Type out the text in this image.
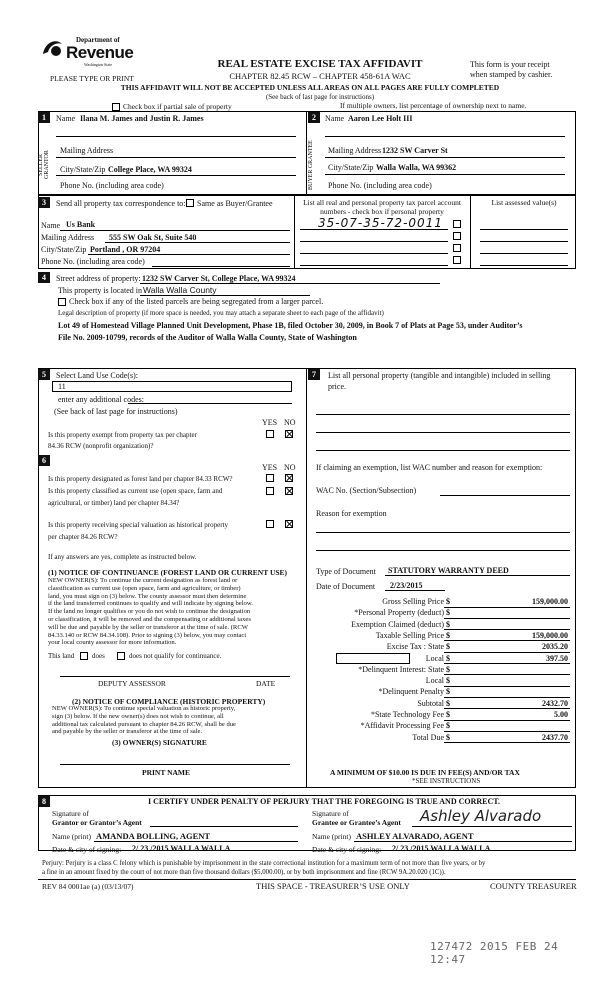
Department of
Revenue
Washington State
PLEASE TYPE OR PRINT
REAL ESTATE EXCISE TAX AFFIDAVIT
CHAPTER 82.45 RCW – CHAPTER 458-61A WAC
This form is your receipt
when stamped by cashier.
THIS AFFIDAVIT WILL NOT BE ACCEPTED UNLESS ALL AREAS ON ALL PAGES ARE FULLY COMPLETED
(See back of last page for instructions)
Check box if partial sale of property	If multiple owners, list percentage of ownership next to name.
1	Name Ilana M. James and Justin R. James
SELLER GRANTOR
Mailing Address
City/State/Zip College Place, WA 99324
Phone No. (including area code)
2	Name Aaron Lee Holt III
BUYER GRANTEE	Mailing Address 1232 SW Carver St
City/State/Zip Walla Walla, WA 99362
Phone No. (including area code)
3	Send all property tax correspondence to: Same as Buyer/Grantee
Name Us Bank
Mailing Address 555 SW Oak St, Suite 540
City/State/Zip Portland , OR 97204
Phone No. (including area code)
List all real and personal property tax parcel account
numbers - check box if personal property
List assessed value(s)
35-07-35-72-0011
4	Street address of property: 1232 SW Carver St, College Place, WA 99324
This property is located in Walla Walla County
Check box if any of the listed parcels are being segregated from a larger parcel.
Legal description of property (if more space is needed, you may attach a separate sheet to each page of the affidavit)
Lot 49 of Homestead Village Planned Unit Development, Phase 1B, filed October 30, 2009, in Book 7 of Plats at Page 53, under Auditor’s
File No. 2009-10799, records of the Auditor of Walla Walla County, State of Washington
5	Select Land Use Code(s):
11
enter any additional codes:
(See back of last page for instructions)
YES NO
Is this property exempt from property tax per chapter
84.36 RCW (nonprofit organization)?
6
YES NO
Is this property designated as forest land per chapter 84.33 RCW?
Is this property classified as current use (open space, farm and
agricultural, or timber) land per chapter 84.34?
Is this property receiving special valuation as historical property
per chapter 84.26 RCW?
If any answers are yes, complete as instructed below.
(1) NOTICE OF CONTINUANCE (FOREST LAND OR CURRENT USE)
NEW OWNER(S): To continue the current designation as forest land or
classification as current use (open space, farm and agriculture, or timber)
land, you must sign on (3) below. The county assessor must then determine
if the land transferred continues to qualify and will indicate by signing below.
If the land no longer qualifies or you do not wish to continue the designation
or classification, it will be removed and the compensating or additional taxes
will be due and payable by the seller or transferor at the time of sale. (RCW
84.33.140 or RCW 84.34.108). Prior to signing (3) below, you may contact
your local county assessor for more information.
This land	does	does not qualify for continuance.
DEPUTY ASSESSOR	DATE
(2) NOTICE OF COMPLIANCE (HISTORIC PROPERTY)
NEW OWNER(S): To continue special valuation as historic property,
sign (3) below. If the new owner(s) does not wish to continue, all
additional tax calculated pursuant to chapter 84.26 RCW, shall be due
and payable by the seller or transferor at the time of sale.
(3) OWNER(S) SIGNATURE
PRINT NAME
7	List all personal property (tangible and intangible) included in selling
price.
If claiming an exemption, list WAC number and reason for exemption:
WAC No. (Section/Subsection)
Reason for exemption
Type of Document STATUTORY WARRANTY DEED
Date of Document 2/23/2015
Gross Selling Price $	159,000.00
*Personal Property (deduct) $
Exemption Claimed (deduct) $
Taxable Selling Price $	159,000.00
Excise Tax : State $	2035.20
Local $	397.50
*Delinquent Interest: State $
Local $
*Delinquent Penalty $
Subtotal $	2432.70
*State Technology Fee $	5.00
*Affidavit Processing Fee $
Total Due $	2437.70
A MINIMUM OF $10.00 IS DUE IN FEE(S) AND/OR TAX
*SEE INSTRUCTIONS
8	I CERTIFY UNDER PENALTY OF PERJURY THAT THE FOREGOING IS TRUE AND CORRECT.
Signature of
Grantor or Grantor’s Agent
Signature of
Grantee or Grantee’s Agent Ashley Alvarado
Name (print) AMANDA BOLLING, AGENT	Name (print) ASHLEY ALVARADO, AGENT
Date & city of signing: 2/ 23 /2015 WALLA WALLA	Date & city of signing: 2/ 23 /2015 WALLA WALLA
Perjury: Perjury is a class C felony which is punishable by imprisonment in the state correctional institution for a maximum term of not more than five years, or by
a fine in an amount fixed by the court of not more than five thousand dollars ($5,000.00), or by both imprisonment and fine (RCW 9A.20.020 (1C)).
REV 84 0001ae (a) (03/13/07)	THIS SPACE - TREASURER’S USE ONLY	COUNTY TREASURER
127472 2015 FEB 24 12:47
